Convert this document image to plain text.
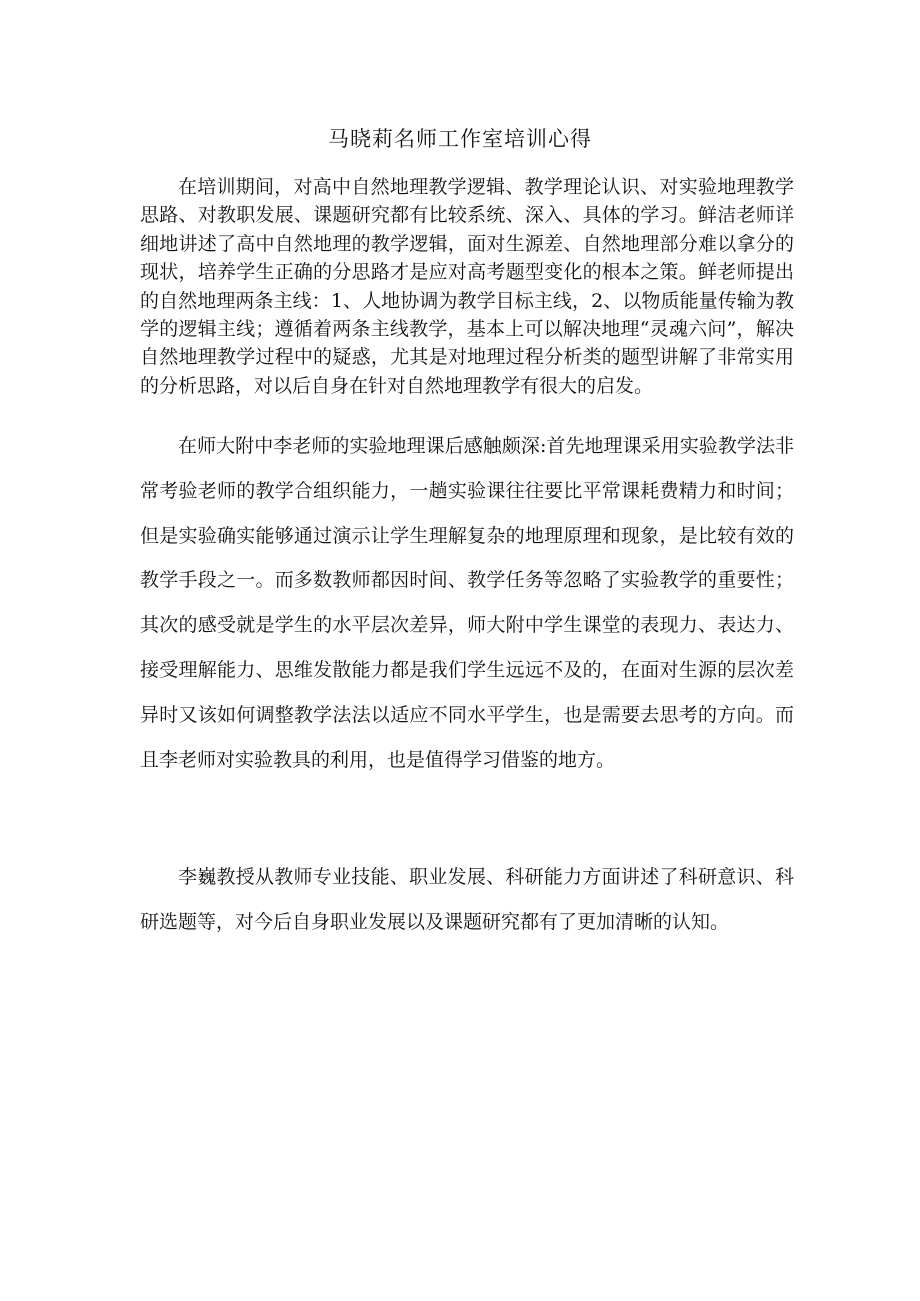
马晓莉名师工作室培训心得

在培训期间，对高中自然地理教学逻辑、教学理论认识、对实验地理教学思路、对教职发展、课题研究都有比较系统、深入、具体的学习。鲜洁老师详细地讲述了高中自然地理的教学逻辑，面对生源差、自然地理部分难以拿分的现状，培养学生正确的分思路才是应对高考题型变化的根本之策。鲜老师提出的自然地理两条主线：1、人地协调为教学目标主线，2、以物质能量传输为教学的逻辑主线；遵循着两条主线教学，基本上可以解决地理“灵魂六问”，解决自然地理教学过程中的疑惑，尤其是对地理过程分析类的题型讲解了非常实用的分析思路，对以后自身在针对自然地理教学有很大的启发。

在师大附中李老师的实验地理课后感触颇深:首先地理课采用实验教学法非常考验老师的教学合组织能力，一趟实验课往往要比平常课耗费精力和时间；但是实验确实能够通过演示让学生理解复杂的地理原理和现象，是比较有效的教学手段之一。而多数教师都因时间、教学任务等忽略了实验教学的重要性；其次的感受就是学生的水平层次差异，师大附中学生课堂的表现力、表达力、接受理解能力、思维发散能力都是我们学生远远不及的，在面对生源的层次差异时又该如何调整教学法法以适应不同水平学生，也是需要去思考的方向。而且李老师对实验教具的利用，也是值得学习借鉴的地方。

李巍教授从教师专业技能、职业发展、科研能力方面讲述了科研意识、科研选题等，对今后自身职业发展以及课题研究都有了更加清晰的认知。
